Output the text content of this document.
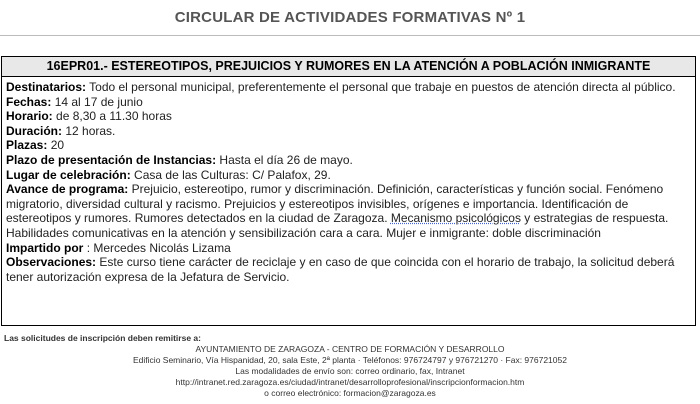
CIRCULAR DE ACTIVIDADES FORMATIVAS Nº 1
16EPR01.- ESTEREOTIPOS, PREJUICIOS Y RUMORES EN LA ATENCIÓN A POBLACIÓN INMIGRANTE

Destinatarios: Todo el personal municipal, preferentemente el personal que trabaje en puestos de atención directa al público.

Fechas: 14 al 17 de junio

Horario: de 8,30 a 11.30 horas

Duración: 12 horas.

Plazas: 20

Plazo de presentación de Instancias: Hasta el día 26 de mayo.

Lugar de celebración: Casa de las Culturas: C/ Palafox, 29.

Avance de programa: Prejuicio, estereotipo, rumor y discriminación. Definición, características y función social. Fenómeno migratorio, diversidad cultural y racismo. Prejuicios y estereotipos invisibles, orígenes e importancia. Identificación de estereotipos y rumores. Rumores detectados en la ciudad de Zaragoza. Mecanismo psicológicos y estrategias de respuesta. Habilidades comunicativas en la atención y sensibilización cara a cara. Mujer e inmigrante: doble discriminación

Impartido por : Mercedes Nicolás Lizama

Observaciones: Este curso tiene carácter de reciclaje y en caso de que coincida con el horario de trabajo, la solicitud deberá tener autorización expresa de la Jefatura de Servicio.

Las solicitudes de inscripción deben remitirse a:
AYUNTAMIENTO DE ZARAGOZA - CENTRO DE FORMACIÓN Y DESARROLLO
Edificio Seminario, Vía Hispanidad, 20, sala Este, 2ª planta · Teléfonos: 976724797 y 976721270 · Fax: 976721052
Las modalidades de envío son: correo ordinario, fax, Intranet
http://intranet.red.zaragoza.es/ciudad/intranet/desarrolloprofesional/inscripcionformacion.htm
o correo electrónico: formacion@zaragoza.es
